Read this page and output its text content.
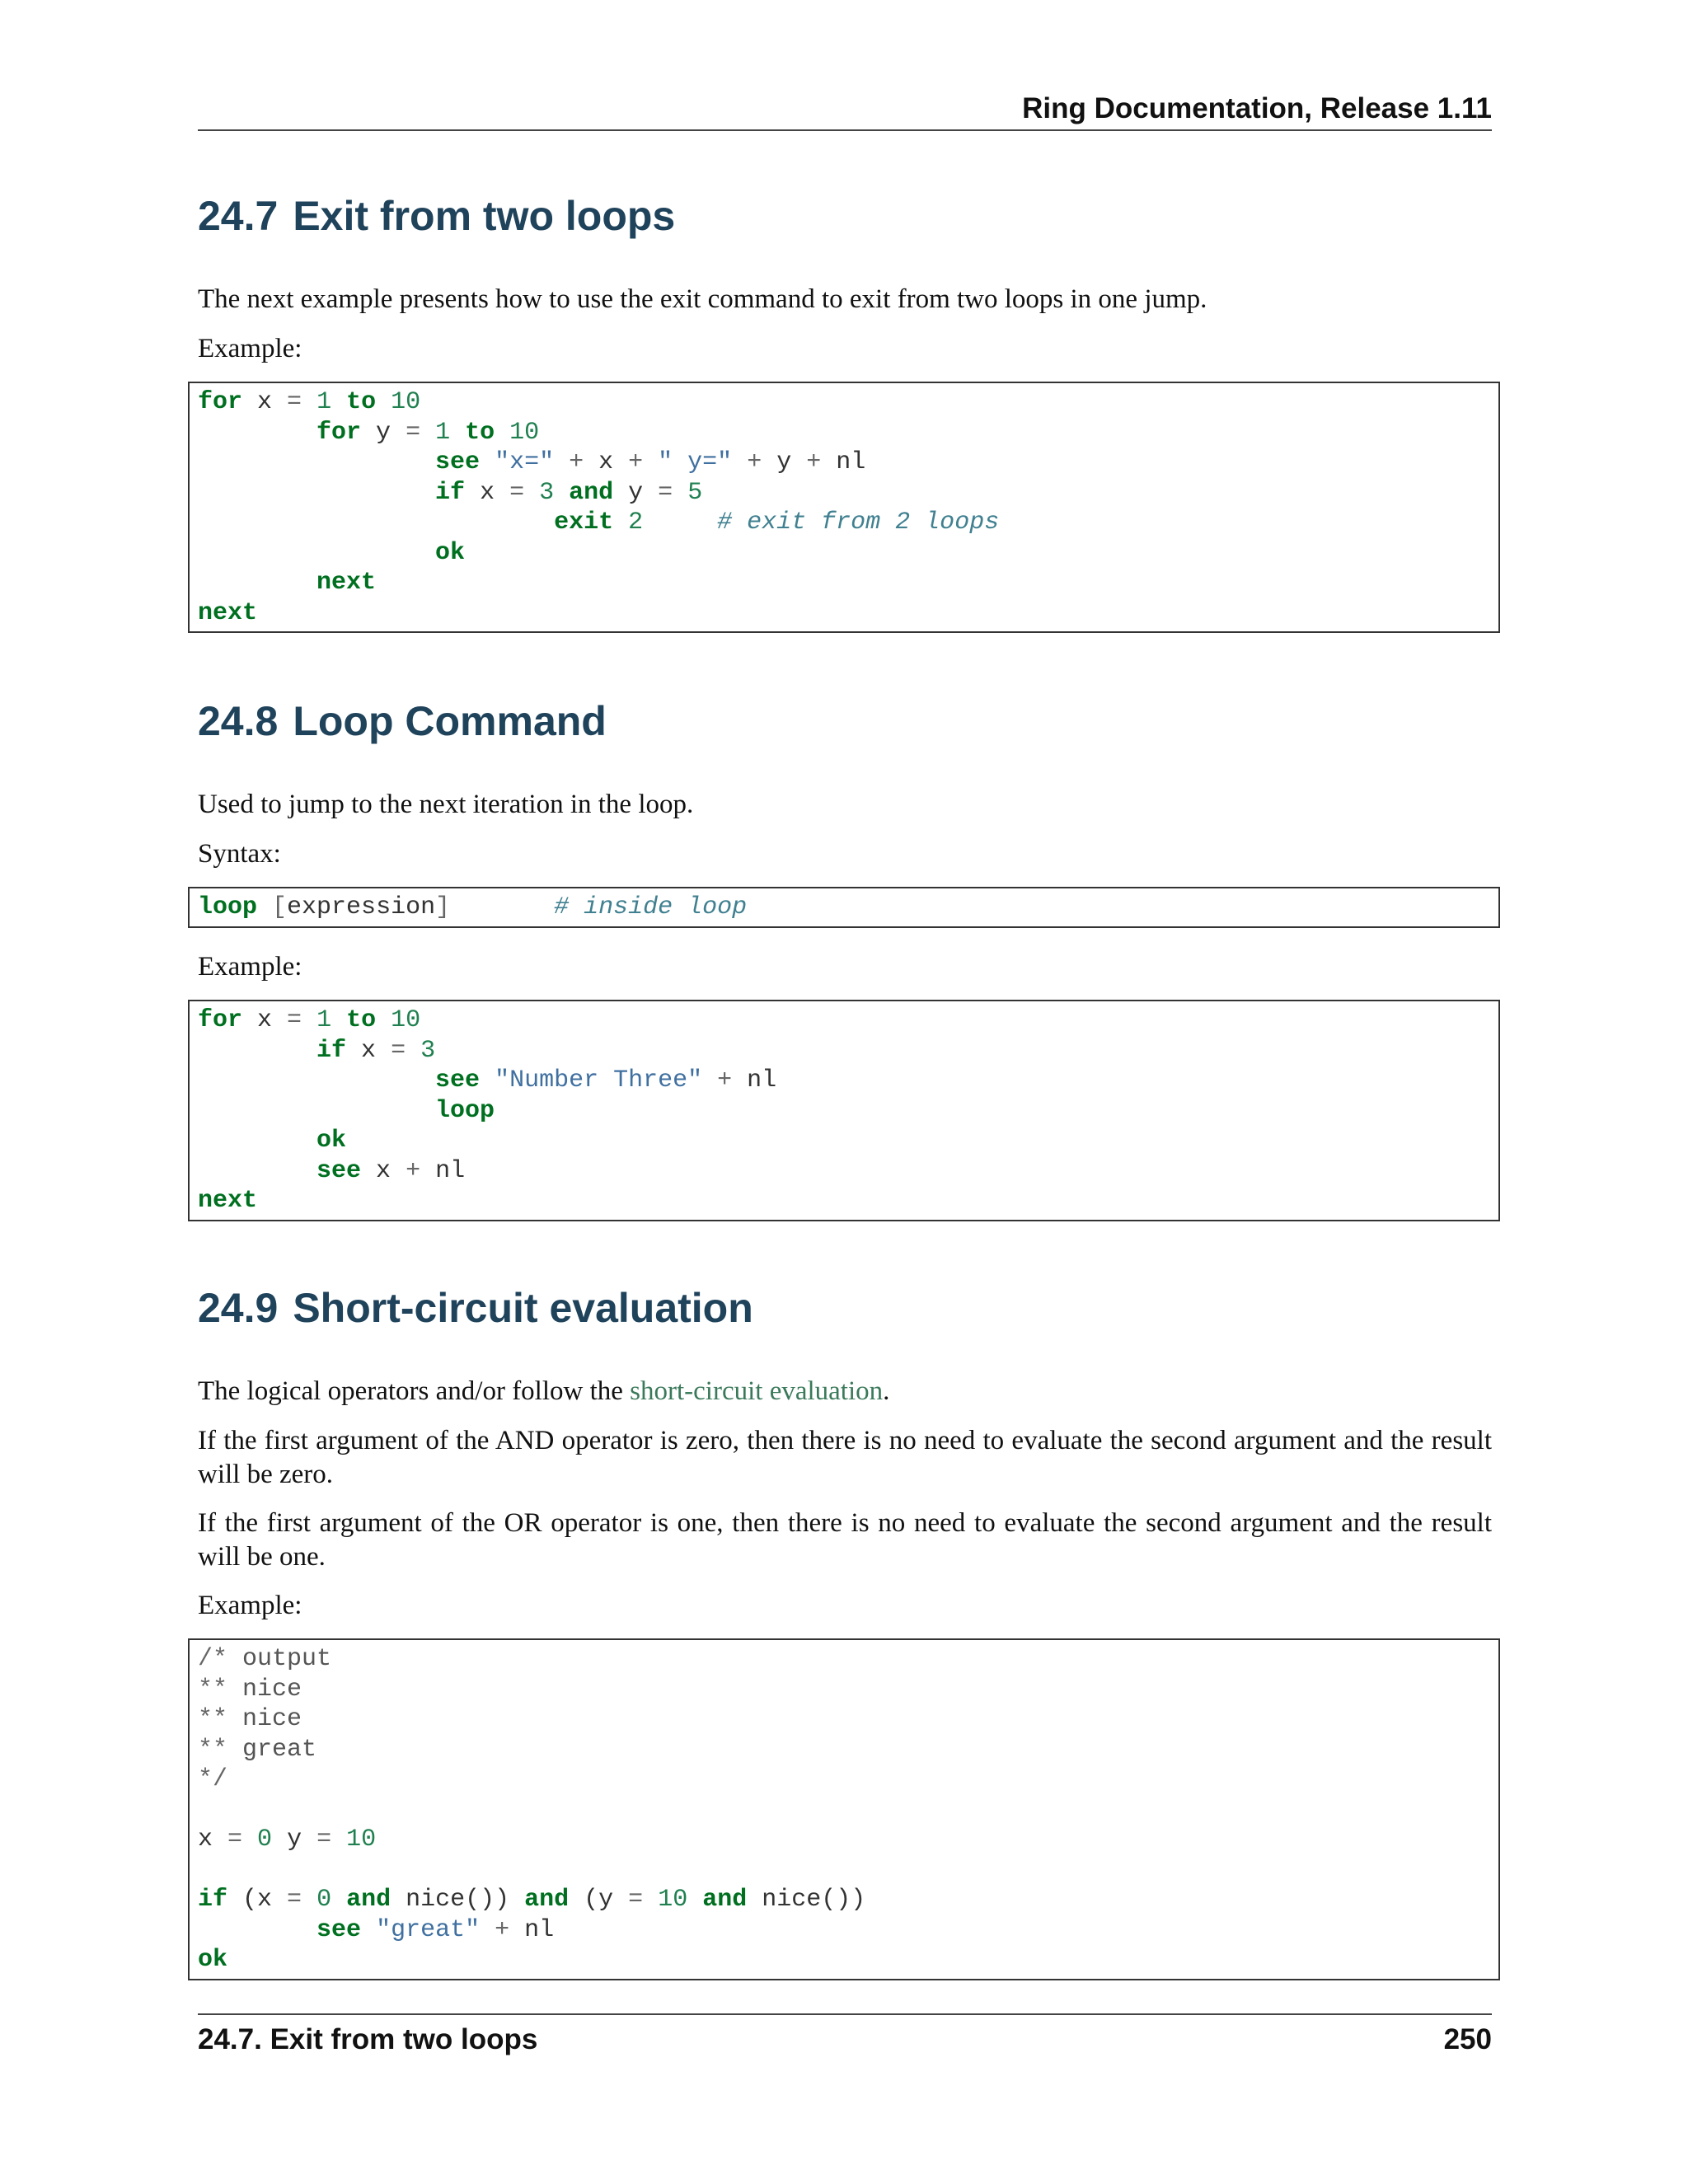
Ring Documentation, Release 1.11
24.7 Exit from two loops

The next example presents how to use the exit command to exit from two loops in one jump.

Example:

for x = 1 to 10
for y = 1 to 10
see "x=" + x + " y=" + y + nl
if x = 3 and y = 5
exit 2	# exit from 2 loops
ok
next
next
24.8 Loop Command

Used to jump to the next iteration in the loop.

Syntax:

loop [expression]	# inside loop

Example:

for x = 1 to 10
if x = 3
see "Number Three" + nl
loop
ok
see x + nl
next
24.9 Short-circuit evaluation

The logical operators and/or follow the short-circuit evaluation.

If the first argument of the AND operator is zero, then there is no need to evaluate the second argument and the result will be zero.

If the first argument of the OR operator is one, then there is no need to evaluate the second argument and the result will be one.

Example:

/* output
** nice
** nice
** great
*/

x = 0 y = 10

if (x = 0 and nice()) and (y = 10 and nice())
see "great" + nl
ok
24.7. Exit from two loops	250
